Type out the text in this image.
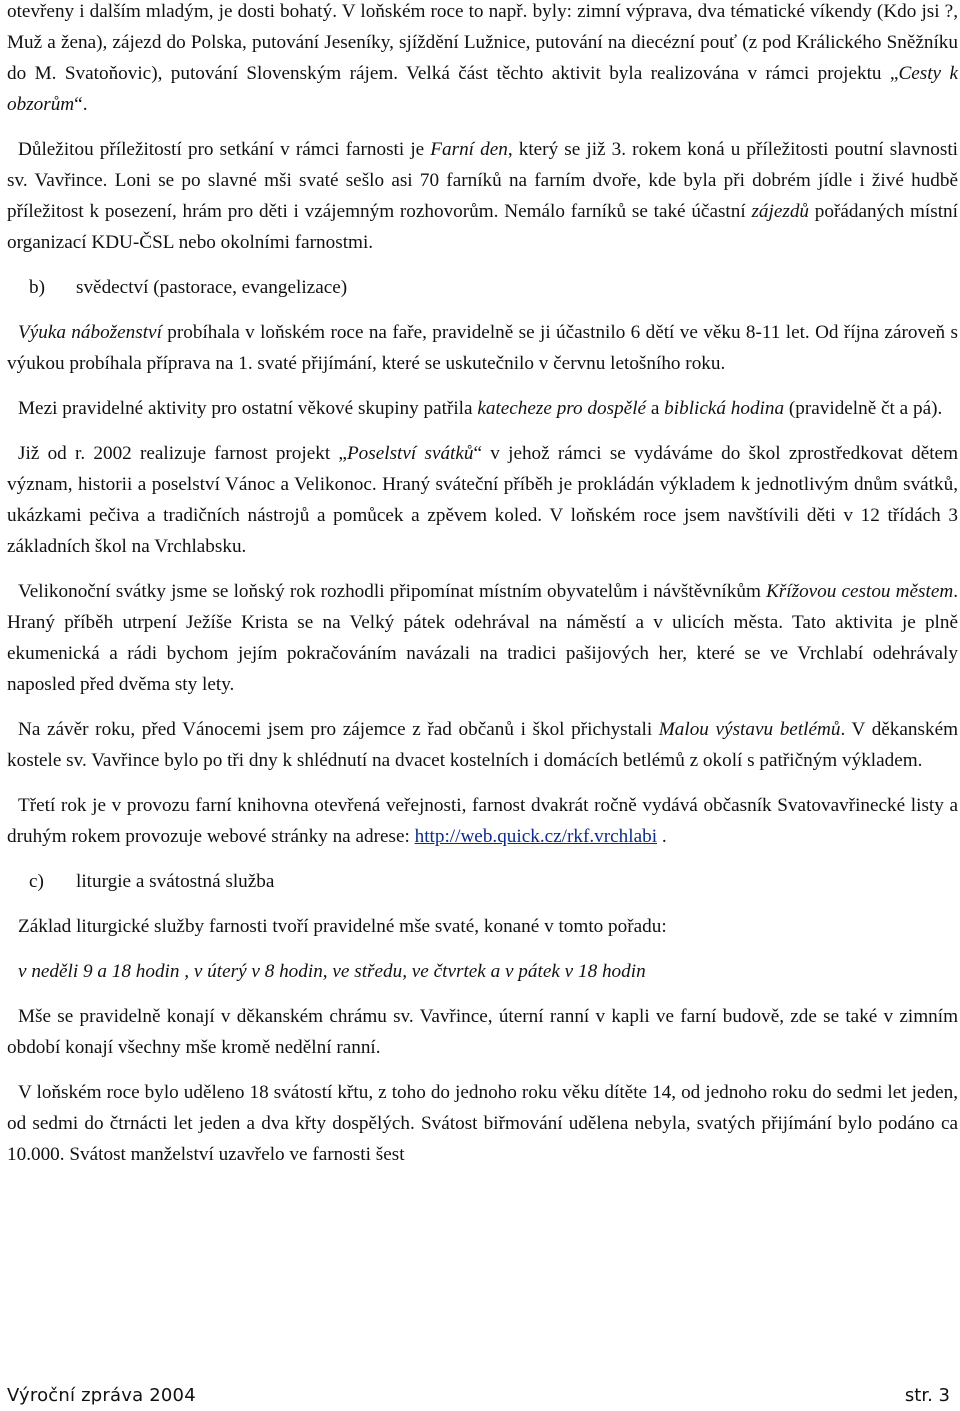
otevřeny i dalším mladým, je dosti bohatý. V loňském roce to např. byly: zimní výprava, dva tématické víkendy (Kdo jsi ?, Muž a žena), zájezd do Polska, putování Jeseníky, sjíždění Lužnice, putování na diecézní pouť (z pod Králického Sněžníku do M. Svatoňovic), putování Slovenským rájem. Velká část těchto aktivit byla realizována v rámci projektu „Cesty k obzorům“.

Důležitou příležitostí pro setkání v rámci farnosti je Farní den, který se již 3. rokem koná u příležitosti poutní slavnosti sv. Vavřince. Loni se po slavné mši svaté sešlo asi 70 farníků na farním dvoře, kde byla při dobrém jídle i živé hudbě příležitost k posezení, hrám pro děti i vzájemným rozhovorům. Nemálo farníků se také účastní zájezdů pořádaných místní organizací KDU-ČSL nebo okolními farnostmi.

b) svědectví (pastorace, evangelizace)

Výuka náboženství probíhala v loňském roce na faře, pravidelně se ji účastnilo 6 dětí ve věku 8-11 let. Od října zároveň s výukou probíhala příprava na 1. svaté přijímání, které se uskutečnilo v červnu letošního roku.

Mezi pravidelné aktivity pro ostatní věkové skupiny patřila katecheze pro dospělé a biblická hodina (pravidelně čt a pá).

Již od r. 2002 realizuje farnost projekt „Poselství svátků“ v jehož rámci se vydáváme do škol zprostředkovat dětem význam, historii a poselství Vánoc a Velikonoc. Hraný sváteční příběh je prokládán výkladem k jednotlivým dnům svátků, ukázkami pečiva a tradičních nástrojů a pomůcek a zpěvem koled. V loňském roce jsem navštívili děti v 12 třídách 3 základních škol na Vrchlabsku.

Velikonoční svátky jsme se loňský rok rozhodli připomínat místním obyvatelům i návštěvníkům Křížovou cestou městem. Hraný příběh utrpení Ježíše Krista se na Velký pátek odehrával na náměstí a v ulicích města. Tato aktivita je plně ekumenická a rádi bychom jejím pokračováním navázali na tradici pašijových her, které se ve Vrchlabí odehrávaly naposled před dvěma sty lety.

Na závěr roku, před Vánocemi jsem pro zájemce z řad občanů i škol přichystali Malou výstavu betlémů. V děkanském kostele sv. Vavřince bylo po tři dny k shlédnutí na dvacet kostelních i domácích betlémů z okolí s patřičným výkladem.

Třetí rok je v provozu farní knihovna otevřená veřejnosti, farnost dvakrát ročně vydává občasník Svatovavřinecké listy a druhým rokem provozuje webové stránky na adrese: http://web.quick.cz/rkf.vrchlabi .

c) liturgie a svátostná služba

Základ liturgické služby farnosti tvoří pravidelné mše svaté, konané v tomto pořadu:

v neděli 9 a 18 hodin , v úterý v 8 hodin, ve středu, ve čtvrtek a v pátek v 18 hodin

Mše se pravidelně konají v děkanském chrámu sv. Vavřince, úterní ranní v kapli ve farní budově, zde se také v zimním období konají všechny mše kromě nedělní ranní.

V loňském roce bylo uděleno 18 svátostí křtu, z toho do jednoho roku věku dítěte 14, od jednoho roku do sedmi let jeden, od sedmi do čtrnácti let jeden a dva křty dospělých. Svátost biřmování udělena nebyla, svatých přijímání bylo podáno ca 10.000. Svátost manželství uzavřelo ve farnosti šest

Výroční zpráva 2004	str. 3
